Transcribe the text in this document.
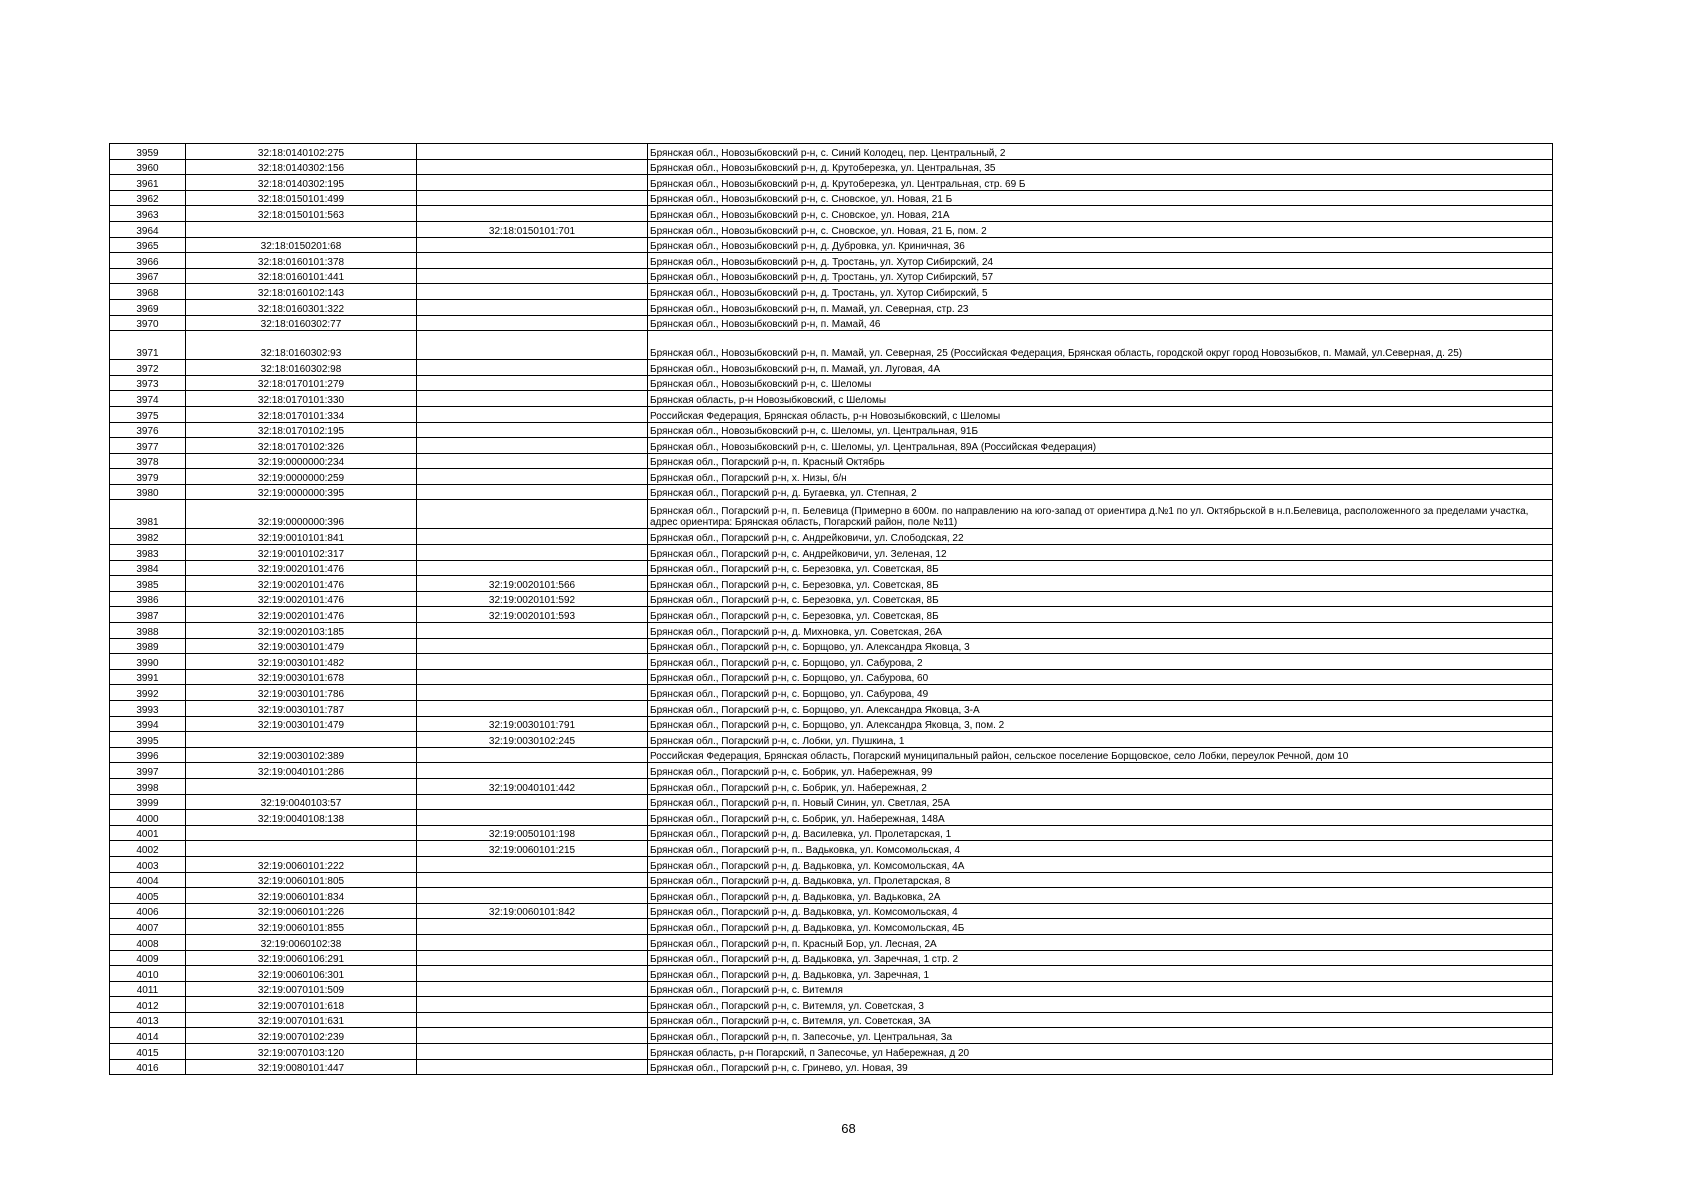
3959	32:18:0140102:275		Брянская обл., Новозыбковский р-н, с. Синий Колодец, пер. Центральный, 2
3960	32:18:0140302:156		Брянская обл., Новозыбковский р-н, д. Крутоберезка, ул. Центральная, 35
3961	32:18:0140302:195		Брянская обл., Новозыбковский р-н, д. Крутоберезка, ул. Центральная, стр. 69 Б
3962	32:18:0150101:499		Брянская обл., Новозыбковский р-н, с. Сновское, ул. Новая, 21 Б
3963	32:18:0150101:563		Брянская обл., Новозыбковский р-н, с. Сновское, ул. Новая, 21А
3964		32:18:0150101:701	Брянская обл., Новозыбковский р-н, с. Сновское, ул. Новая, 21 Б, пом. 2
3965	32:18:0150201:68		Брянская обл., Новозыбковский р-н, д. Дубровка, ул. Криничная, 36
3966	32:18:0160101:378		Брянская обл., Новозыбковский р-н, д. Тростань, ул. Хутор Сибирский, 24
3967	32:18:0160101:441		Брянская обл., Новозыбковский р-н, д. Тростань, ул. Хутор Сибирский, 57
3968	32:18:0160102:143		Брянская обл., Новозыбковский р-н, д. Тростань, ул. Хутор Сибирский, 5
3969	32:18:0160301:322		Брянская обл., Новозыбковский р-н, п. Мамай, ул. Северная, стр. 23
3970	32:18:0160302:77		Брянская обл., Новозыбковский р-н, п. Мамай, 46
3971	32:18:0160302:93		Брянская обл., Новозыбковский р-н, п. Мамай, ул. Северная, 25 (Российская Федерация, Брянская область, городской округ город Новозыбков, п. Мамай, ул.Северная, д. 25)
3972	32:18:0160302:98		Брянская обл., Новозыбковский р-н, п. Мамай, ул. Луговая, 4А
3973	32:18:0170101:279		Брянская обл., Новозыбковский р-н, с. Шеломы
3974	32:18:0170101:330		Брянская область, р-н Новозыбковский, с Шеломы
3975	32:18:0170101:334		Российская Федерация, Брянская область, р-н Новозыбковский, с Шеломы
3976	32:18:0170102:195		Брянская обл., Новозыбковский р-н, с. Шеломы, ул. Центральная, 91Б
3977	32:18:0170102:326		Брянская обл., Новозыбковский р-н, с. Шеломы, ул. Центральная, 89А (Российская Федерация)
3978	32:19:0000000:234		Брянская обл., Погарский р-н, п. Красный Октябрь
3979	32:19:0000000:259		Брянская обл., Погарский р-н, х. Низы, б/н
3980	32:19:0000000:395		Брянская обл., Погарский р-н, д. Бугаевка, ул. Степная, 2
3981	32:19:0000000:396		Брянская обл., Погарский р-н, п. Белевица (Примерно в 600м. по направлению на юго-запад от ориентира д.№1 по ул. Октябрьской в н.п.Белевица, расположенного за пределами участка, адрес ориентира: Брянская область, Погарский район, поле №11)
3982	32:19:0010101:841		Брянская обл., Погарский р-н, с. Андрейковичи, ул. Слободская, 22
3983	32:19:0010102:317		Брянская обл., Погарский р-н, с. Андрейковичи, ул. Зеленая, 12
3984	32:19:0020101:476		Брянская обл., Погарский р-н, с. Березовка, ул. Советская, 8Б
3985	32:19:0020101:476	32:19:0020101:566	Брянская обл., Погарский р-н, с. Березовка, ул. Советская, 8Б
3986	32:19:0020101:476	32:19:0020101:592	Брянская обл., Погарский р-н, с. Березовка, ул. Советская, 8Б
3987	32:19:0020101:476	32:19:0020101:593	Брянская обл., Погарский р-н, с. Березовка, ул. Советская, 8Б
3988	32:19:0020103:185		Брянская обл., Погарский р-н, д. Михновка, ул. Советская, 26А
3989	32:19:0030101:479		Брянская обл., Погарский р-н, с. Борщово, ул. Александра Яковца, 3
3990	32:19:0030101:482		Брянская обл., Погарский р-н, с. Борщово, ул. Сабурова, 2
3991	32:19:0030101:678		Брянская обл., Погарский р-н, с. Борщово, ул. Сабурова, 60
3992	32:19:0030101:786		Брянская обл., Погарский р-н, с. Борщово, ул. Сабурова, 49
3993	32:19:0030101:787		Брянская обл., Погарский р-н, с. Борщово, ул. Александра Яковца, 3-А
3994	32:19:0030101:479	32:19:0030101:791	Брянская обл., Погарский р-н, с. Борщово, ул. Александра Яковца, 3, пом. 2
3995		32:19:0030102:245	Брянская обл., Погарский р-н, с. Лобки, ул. Пушкина, 1
3996	32:19:0030102:389		Российская Федерация, Брянская область, Погарский муниципальный район, сельское поселение Борщовское, село Лобки, переулок Речной, дом 10
3997	32:19:0040101:286		Брянская обл., Погарский р-н, с. Бобрик, ул. Набережная, 99
3998		32:19:0040101:442	Брянская обл., Погарский р-н, с. Бобрик, ул. Набережная, 2
3999	32:19:0040103:57		Брянская обл., Погарский р-н, п. Новый Синин, ул. Светлая, 25А
4000	32:19:0040108:138		Брянская обл., Погарский р-н, с. Бобрик, ул. Набережная, 148А
4001		32:19:0050101:198	Брянская обл., Погарский р-н, д. Василевка, ул. Пролетарская, 1
4002		32:19:0060101:215	Брянская обл., Погарский р-н, п.. Вадьковка, ул. Комсомольская, 4
4003	32:19:0060101:222		Брянская обл., Погарский р-н, д. Вадьковка, ул. Комсомольская, 4А
4004	32:19:0060101:805		Брянская обл., Погарский р-н, д. Вадьковка, ул. Пролетарская, 8
4005	32:19:0060101:834		Брянская обл., Погарский р-н, д. Вадьковка, ул. Вадьковка, 2А
4006	32:19:0060101:226	32:19:0060101:842	Брянская обл., Погарский р-н, д. Вадьковка, ул. Комсомольская, 4
4007	32:19:0060101:855		Брянская обл., Погарский р-н, д. Вадьковка, ул. Комсомольская, 4Б
4008	32:19:0060102:38		Брянская обл., Погарский р-н, п. Красный Бор, ул. Лесная, 2А
4009	32:19:0060106:291		Брянская обл., Погарский р-н, д. Вадьковка, ул. Заречная, 1 стр. 2
4010	32:19:0060106:301		Брянская обл., Погарский р-н, д. Вадьковка, ул. Заречная, 1
4011	32:19:0070101:509		Брянская обл., Погарский р-н, с. Витемля
4012	32:19:0070101:618		Брянская обл., Погарский р-н, с. Витемля, ул. Советская, 3
4013	32:19:0070101:631		Брянская обл., Погарский р-н, с. Витемля, ул. Советская, 3А
4014	32:19:0070102:239		Брянская обл., Погарский р-н, п. Запесочье, ул. Центральная, 3а
4015	32:19:0070103:120		Брянская область, р-н Погарский, п Запесочье, ул Набережная, д 20
4016	32:19:0080101:447		Брянская обл., Погарский р-н, с. Гринево, ул. Новая, 39
68
